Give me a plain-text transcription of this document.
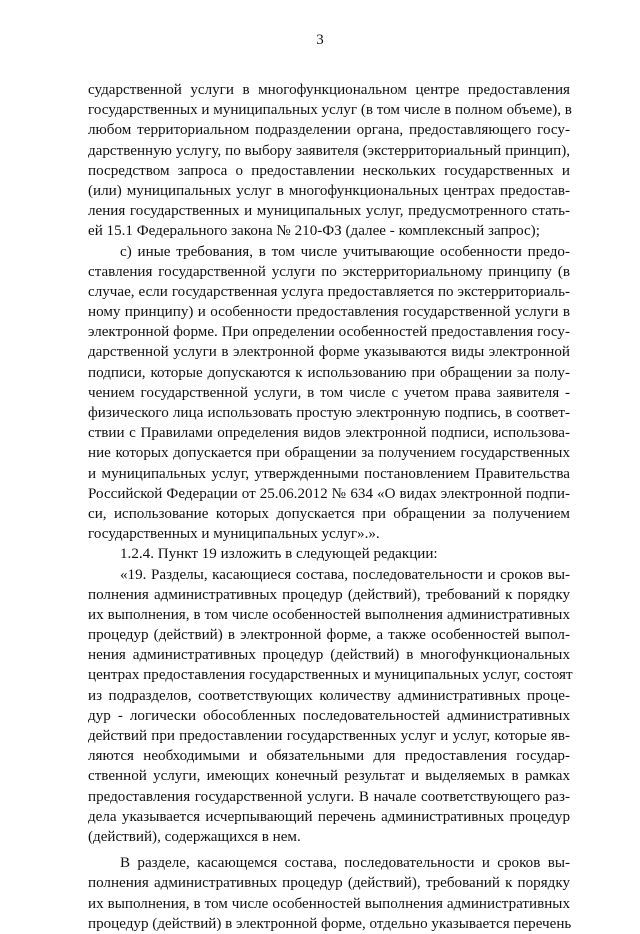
3
сударственной услуги в многофункциональном центре предоставления
государственных и муниципальных услуг (в том числе в полном объеме), в
любом территориальном подразделении органа, предоставляющего госу-
дарственную услугу, по выбору заявителя (экстерриториальный принцип),
посредством запроса о предоставлении нескольких государственных и
(или) муниципальных услуг в многофункциональных центрах предостав-
ления государственных и муниципальных услуг, предусмотренного стать-
ей 15.1 Федерального закона № 210-ФЗ (далее - комплексный запрос);
с) иные требования, в том числе учитывающие особенности предо-
ставления государственной услуги по экстерриториальному принципу (в
случае, если государственная услуга предоставляется по экстерриториаль-
ному принципу) и особенности предоставления государственной услуги в
электронной форме. При определении особенностей предоставления госу-
дарственной услуги в электронной форме указываются виды электронной
подписи, которые допускаются к использованию при обращении за полу-
чением государственной услуги, в том числе с учетом права заявителя -
физического лица использовать простую электронную подпись, в соответ-
ствии с Правилами определения видов электронной подписи, использова-
ние которых допускается при обращении за получением государственных
и муниципальных услуг, утвержденными постановлением Правительства
Российской Федерации от 25.06.2012 № 634 «О видах электронной подпи-
си, использование которых допускается при обращении за получением
государственных и муниципальных услуг».».
1.2.4. Пункт 19 изложить в следующей редакции:
«19. Разделы, касающиеся состава, последовательности и сроков вы-
полнения административных процедур (действий), требований к порядку
их выполнения, в том числе особенностей выполнения административных
процедур (действий) в электронной форме, а также особенностей выпол-
нения административных процедур (действий) в многофункциональных
центрах предоставления государственных и муниципальных услуг, состоят
из подразделов, соответствующих количеству административных проце-
дур - логически обособленных последовательностей административных
действий при предоставлении государственных услуг и услуг, которые яв-
ляются необходимыми и обязательными для предоставления государ-
ственной услуги, имеющих конечный результат и выделяемых в рамках
предоставления государственной услуги. В начале соответствующего раз-
дела указывается исчерпывающий перечень административных процедур
(действий), содержащихся в нем.
В разделе, касающемся состава, последовательности и сроков вы-
полнения административных процедур (действий), требований к порядку
их выполнения, в том числе особенностей выполнения административных
процедур (действий) в электронной форме, отдельно указывается перечень
